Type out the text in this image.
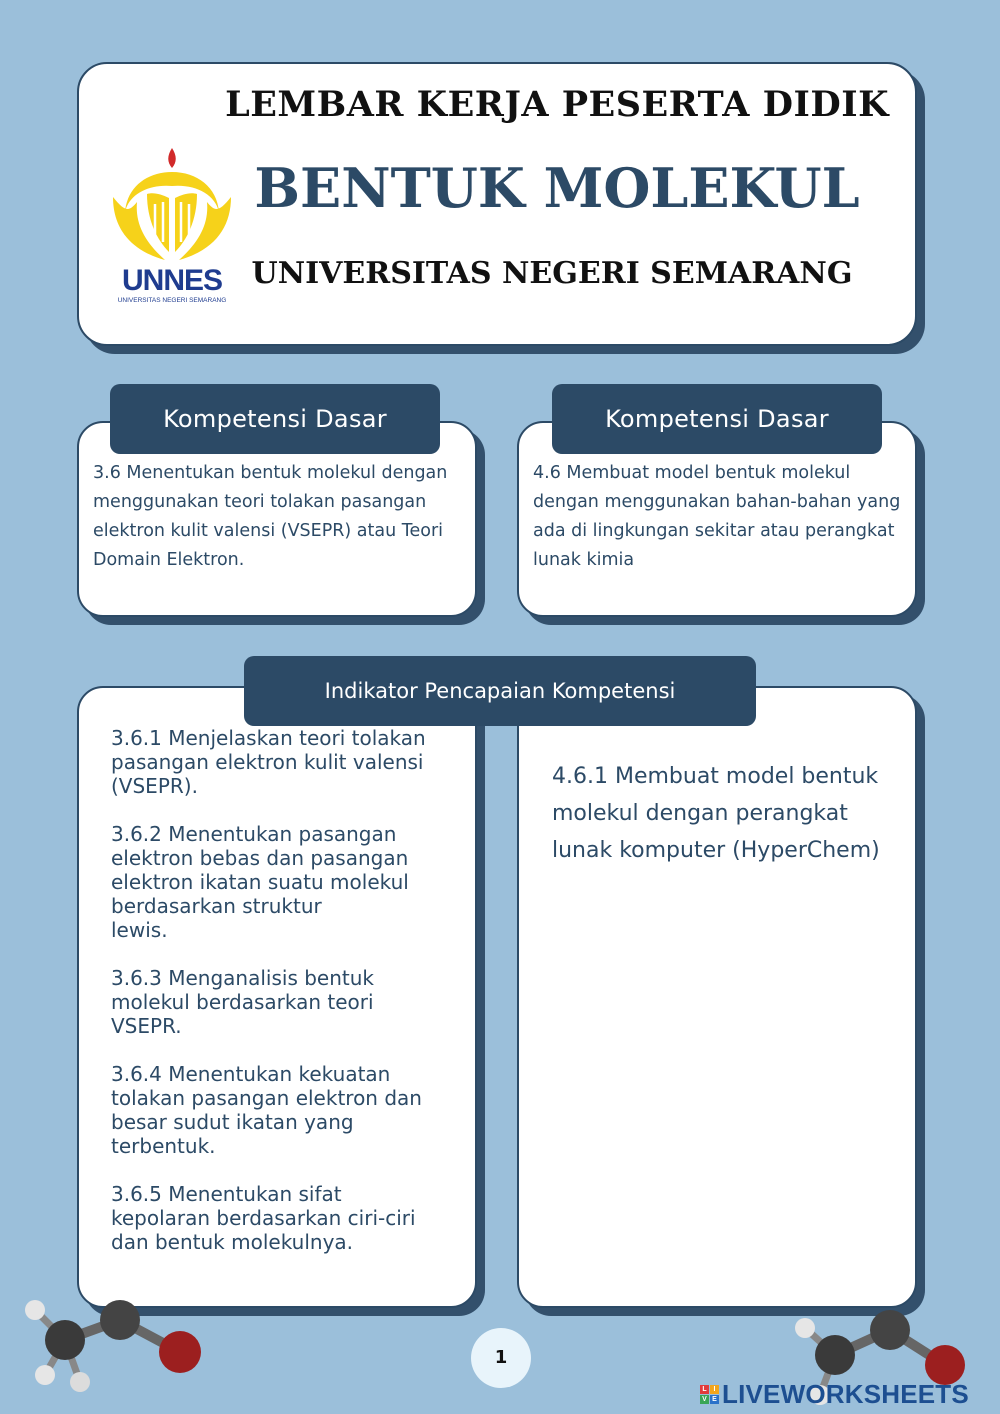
UNNES
UNIVERSITAS NEGERI SEMARANG
LEMBAR KERJA PESERTA DIDIK
BENTUK MOLEKUL
UNIVERSITAS NEGERI SEMARANG

3.6 Menentukan bentuk molekul dengan menggunakan teori tolakan pasangan elektron kulit valensi (VSEPR) atau Teori Domain Elektron.

Kompetensi Dasar

4.6 Membuat model bentuk molekul dengan menggunakan bahan-bahan yang ada di lingkungan sekitar atau perangkat lunak kimia

Kompetensi Dasar
3.6.1 Menjelaskan teori tolakan pasangan elektron kulit valensi (VSEPR).
3.6.2 Menentukan pasangan elektron bebas dan pasangan elektron ikatan suatu molekul berdasarkan struktur
lewis.
3.6.3 Menganalisis bentuk molekul berdasarkan teori VSEPR.
3.6.4 Menentukan kekuatan tolakan pasangan elektron dan besar sudut ikatan yang terbentuk.
3.6.5 Menentukan sifat kepolaran berdasarkan ciri-ciri dan bentuk molekulnya.

4.6.1 Membuat model bentuk molekul dengan perangkat lunak komputer (HyperChem)

Indikator Pencapaian Kompetensi
1
L I
V E LIVEWORKSHEETS
